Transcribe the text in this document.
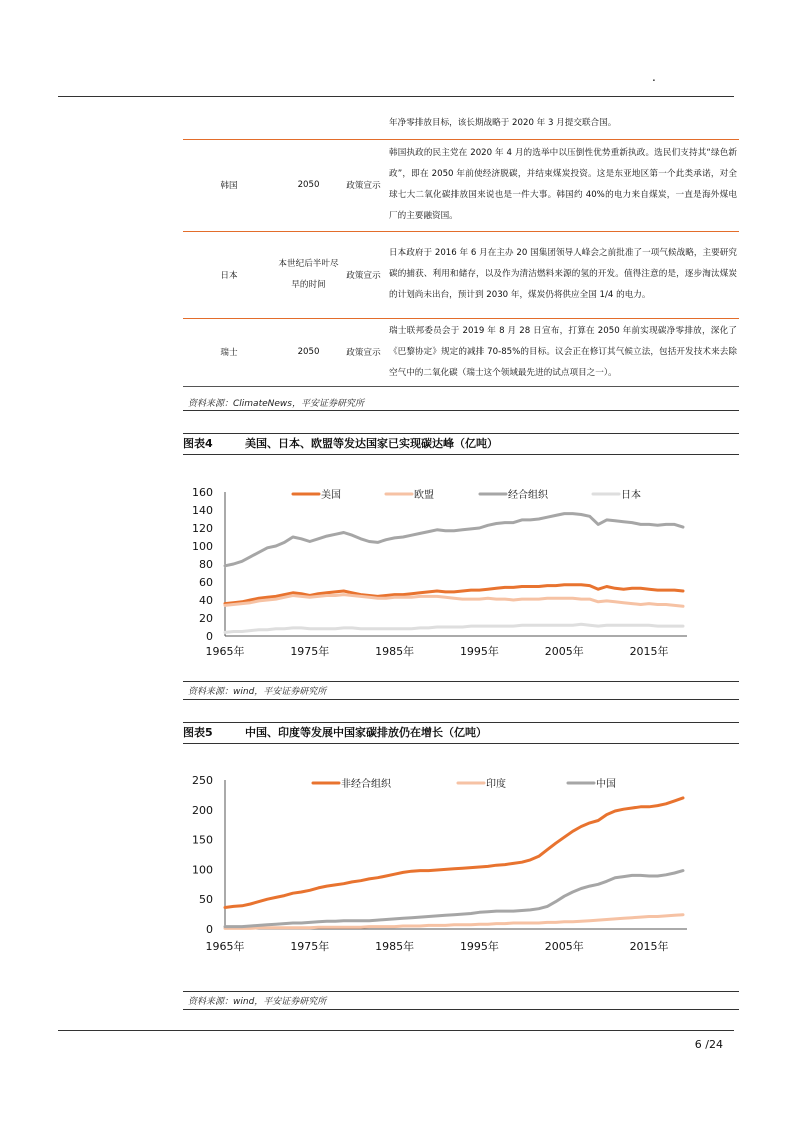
.
			年净零排放目标，该长期战略于 2020 年 3 月提交联合国。
韩国	2050	政策宣示	韩国执政的民主党在 2020 年 4 月的选举中以压倒性优势重新执政。选民们支持其“绿色新政”，即在 2050 年前使经济脱碳，并结束煤炭投资。这是东亚地区第一个此类承诺，对全球七大二氧化碳排放国来说也是一件大事。韩国约 40%的电力来自煤炭，一直是海外煤电厂的主要融资国。
日本	本世纪后半叶尽早的时间	政策宣示	日本政府于 2016 年 6 月在主办 20 国集团领导人峰会之前批准了一项气候战略，主要研究碳的捕获、利用和储存，以及作为清洁燃料来源的氢的开发。值得注意的是，逐步淘汰煤炭的计划尚未出台，预计到 2030 年，煤炭仍将供应全国 1/4 的电力。
瑞士	2050	政策宣示	瑞士联邦委员会于 2019 年 8 月 28 日宣布，打算在 2050 年前实现碳净零排放，深化了《巴黎协定》规定的减排 70-85%的目标。议会正在修订其气候立法，包括开发技术来去除空气中的二氧化碳（瑞士这个领域最先进的试点项目之一）。
资料来源：ClimateNews，平安证券研究所
图表4	美国、日本、欧盟等发达国家已实现碳达峰（亿吨）
0
20
40
60
80
100
120
140
160
1965年	1975年	1985年	1995年	2005年	2015年
美国	欧盟	经合组织	日本
资料来源：wind，平安证券研究所
图表5	中国、印度等发展中国家碳排放仍在增长（亿吨）
0
50
100
150
200
250
1965年	1975年	1985年	1995年	2005年	2015年
非经合组织	印度	中国
资料来源：wind，平安证券研究所
6 /24
